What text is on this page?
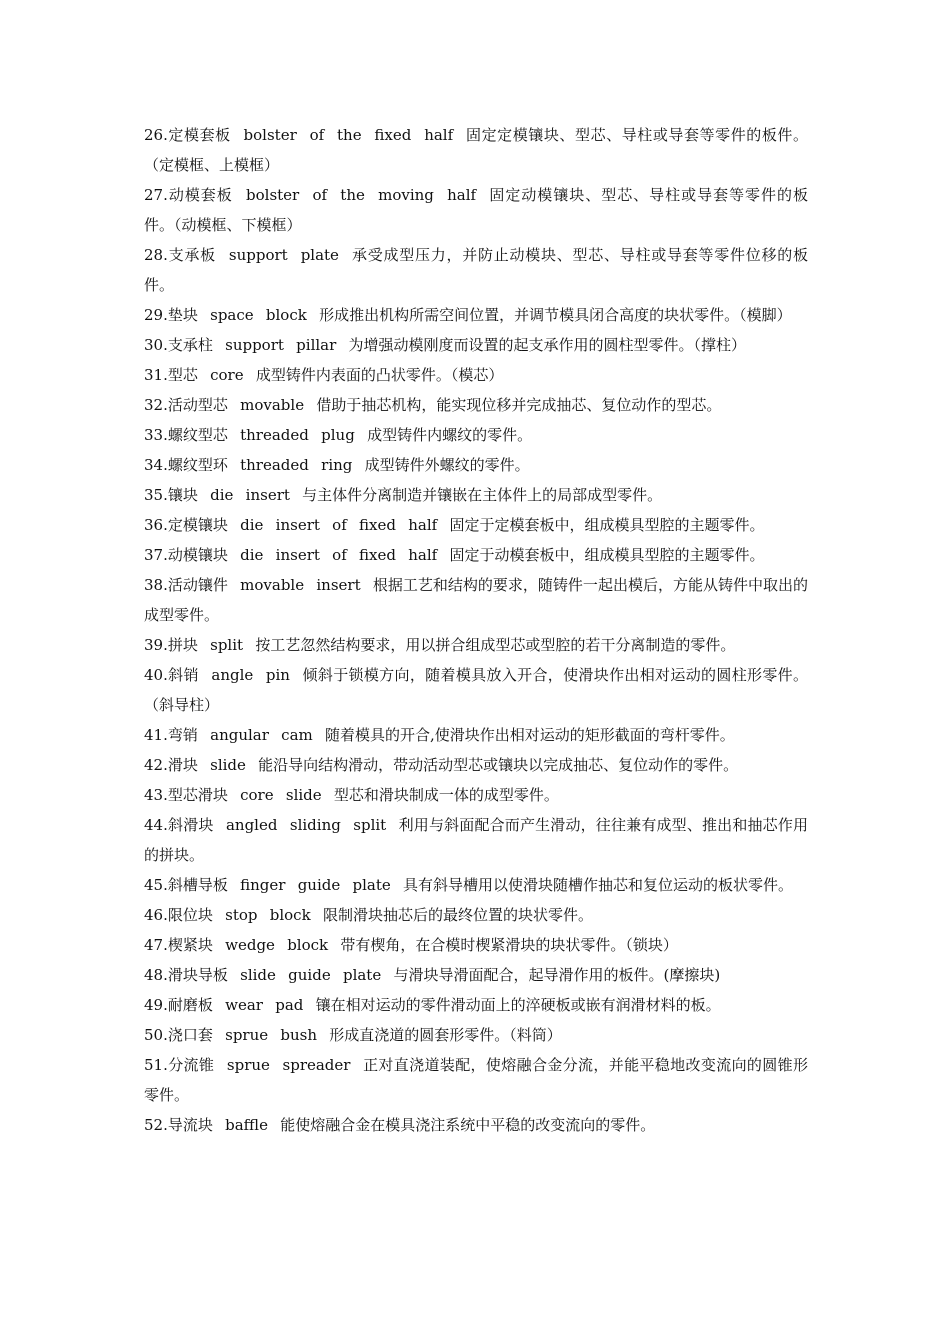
26.定模套板 bolster of the fixed half 固定定模镶块、型芯、导柱或导套等零件的板件。（定模框、上模框）

27.动模套板 bolster of the moving half 固定动模镶块、型芯、导柱或导套等零件的板件。（动模框、下模框）

28.支承板 support plate 承受成型压力，并防止动模块、型芯、导柱或导套等零件位移的板件。

29.垫块 space block 形成推出机构所需空间位置，并调节模具闭合高度的块状零件。（模脚）

30.支承柱 support pillar 为增强动模刚度而设置的起支承作用的圆柱型零件。（撑柱）

31.型芯 core 成型铸件内表面的凸状零件。（模芯）

32.活动型芯 movable 借助于抽芯机构，能实现位移并完成抽芯、复位动作的型芯。

33.螺纹型芯 threaded plug 成型铸件内螺纹的零件。

34.螺纹型环 threaded ring 成型铸件外螺纹的零件。

35.镶块 die insert 与主体件分离制造并镶嵌在主体件上的局部成型零件。

36.定模镶块 die insert of fixed half 固定于定模套板中，组成模具型腔的主题零件。

37.动模镶块 die insert of fixed half 固定于动模套板中，组成模具型腔的主题零件。

38.活动镶件 movable insert 根据工艺和结构的要求，随铸件一起出模后，方能从铸件中取出的成型零件。

39.拼块 split 按工艺忽然结构要求，用以拼合组成型芯或型腔的若干分离制造的零件。

40.斜销 angle pin 倾斜于锁模方向，随着模具放入开合，使滑块作出相对运动的圆柱形零件。（斜导柱）

41.弯销 angular cam 随着模具的开合,使滑块作出相对运动的矩形截面的弯杆零件。

42.滑块 slide 能沿导向结构滑动，带动活动型芯或镶块以完成抽芯、复位动作的零件。

43.型芯滑块 core slide 型芯和滑块制成一体的成型零件。

44.斜滑块 angled sliding split 利用与斜面配合而产生滑动，往往兼有成型、推出和抽芯作用的拼块。

45.斜槽导板 finger guide plate 具有斜导槽用以使滑块随槽作抽芯和复位运动的板状零件。

46.限位块 stop block 限制滑块抽芯后的最终位置的块状零件。

47.楔紧块 wedge block 带有楔角，在合模时楔紧滑块的块状零件。（锁块）

48.滑块导板 slide guide plate 与滑块导滑面配合，起导滑作用的板件。(摩擦块)

49.耐磨板 wear pad 镶在相对运动的零件滑动面上的淬硬板或嵌有润滑材料的板。

50.浇口套 sprue bush 形成直浇道的圆套形零件。（料筒）

51.分流锥 sprue spreader 正对直浇道装配，使熔融合金分流，并能平稳地改变流向的圆锥形零件。

52.导流块 baffle 能使熔融合金在模具浇注系统中平稳的改变流向的零件。
